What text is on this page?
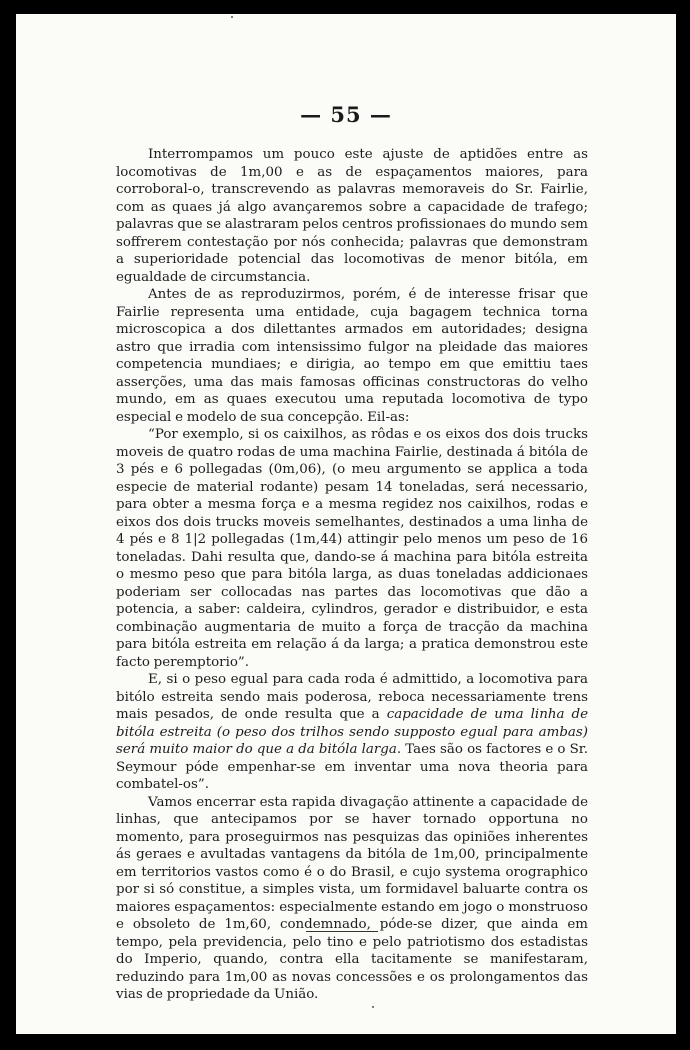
— 55 —

Interrompamos um pouco este ajuste de aptidões entre as locomotivas de 1m,00 e as de espaçamentos maiores, para corroboral-o, transcrevendo as palavras memoraveis do Sr. Fairlie, com as quaes já algo avançaremos sobre a capacidade de trafego; palavras que se alastraram pelos centros profissionaes do mundo sem soffrerem contestação por nós conhecida; palavras que demonstram a superioridade potencial das locomotivas de menor bitóla, em egualdade de circumstancia.

Antes de as reproduzirmos, porém, é de interesse frisar que Fairlie representa uma entidade, cuja bagagem technica torna microscopica a dos dilettantes armados em autoridades; designa astro que irradia com intensissimo fulgor na pleidade das maiores competencia mundiaes; e dirigia, ao tempo em que emittiu taes asserções, uma das mais famosas officinas constructoras do velho mundo, em as quaes executou uma reputada locomotiva de typo especial e modelo de sua concepção. Eil-as:

“Por exemplo, si os caixilhos, as rôdas e os eixos dos dois trucks moveis de quatro rodas de uma machina Fairlie, destinada á bitóla de 3 pés e 6 pollegadas (0m,06), (o meu argumento se applica a toda especie de material rodante) pesam 14 toneladas, será necessario, para obter a mesma força e a mesma regidez nos caixilhos, rodas e eixos dos dois trucks moveis semelhantes, destinados a uma linha de 4 pés e 8 1|2 pollegadas (1m,44) attingir pelo menos um peso de 16 toneladas. Dahi resulta que, dando-se á machina para bitóla estreita o mesmo peso que para bitóla larga, as duas toneladas addicionaes poderiam ser collocadas nas partes das locomotivas que dão a potencia, a saber: caldeira, cylindros, gerador e distribuidor, e esta combinação augmentaria de muito a força de tracção da machina para bitóla estreita em relação á da larga; a pratica demonstrou este facto peremptorio”.

E, si o peso egual para cada roda é admittido, a locomotiva para bitólo estreita sendo mais poderosa, reboca necessariamente trens mais pesados, de onde resulta que a capacidade de uma linha de bitóla estreita (o peso dos trilhos sendo supposto egual para ambas) será muito maior do que a da bitóla larga. Taes são os factores e o Sr. Seymour póde empenhar-se em inventar uma nova theoria para combatel-os”.

Vamos encerrar esta rapida divagação attinente a capacidade de linhas, que antecipamos por se haver tornado opportuna no momento, para proseguirmos nas pesquizas das opiniões inherentes ás geraes e avultadas vantagens da bitóla de 1m,00, principalmente em territorios vastos como é o do Brasil, e cujo systema orographico por si só constitue, a simples vista, um formidavel baluarte contra os maiores espaçamentos: especialmente estando em jogo o monstruoso e obsoleto de 1m,60, condemnado, póde-se dizer, que ainda em tempo, pela previdencia, pelo tino e pelo patriotismo dos estadistas do Imperio, quando, contra ella tacitamente se manifestaram, reduzindo para 1m,00 as novas concessões e os prolongamentos das vias de propriedade da União.
